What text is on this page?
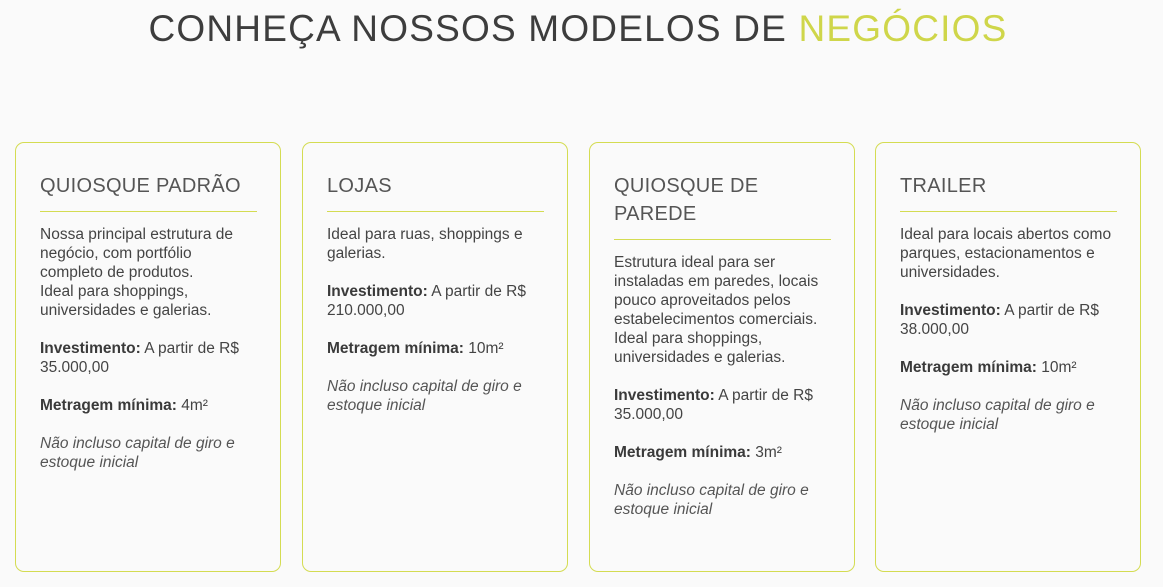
CONHEÇA NOSSOS MODELOS DE NEGÓCIOS
QUIOSQUE PADRÃO

Nossa principal estrutura de negócio, com portfólio completo de produtos.
Ideal para shoppings, universidades e galerias.

Investimento: A partir de R$ 35.000,00

Metragem mínima: 4m²

Não incluso capital de giro e estoque inicial

LOJAS

Ideal para ruas, shoppings e galerias.

Investimento: A partir de R$ 210.000,00

Metragem mínima: 10m²

Não incluso capital de giro e estoque inicial

QUIOSQUE DE PAREDE

Estrutura ideal para ser instaladas em paredes, locais pouco aproveitados pelos estabelecimentos comerciais. Ideal para shoppings, universidades e galerias.

Investimento: A partir de R$ 35.000,00

Metragem mínima: 3m²

Não incluso capital de giro e estoque inicial

TRAILER

Ideal para locais abertos como parques, estacionamentos e universidades.

Investimento: A partir de R$ 38.000,00

Metragem mínima: 10m²

Não incluso capital de giro e estoque inicial
